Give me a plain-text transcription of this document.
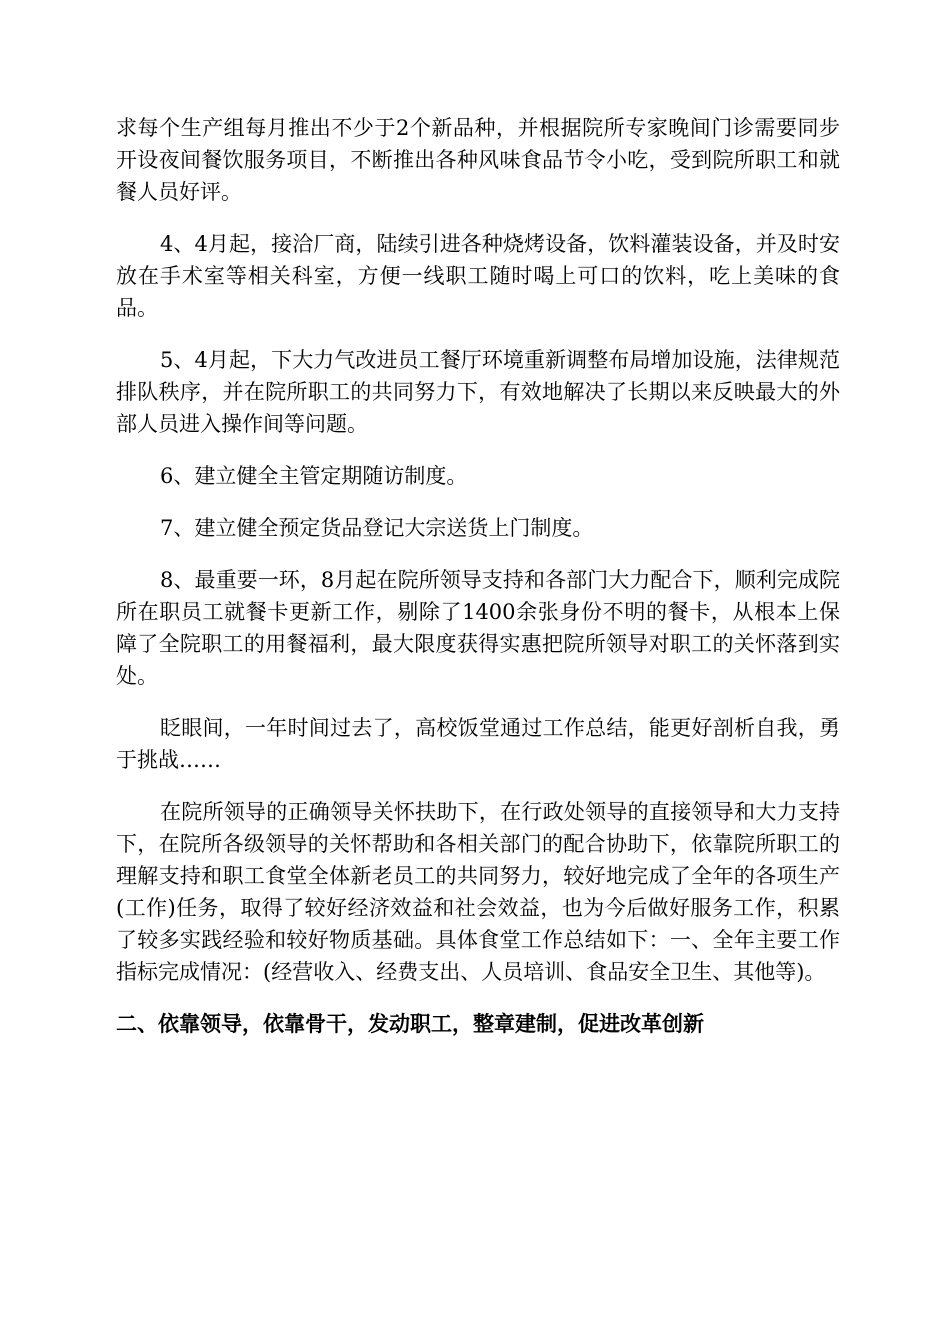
求每个生产组每月推出不少于2个新品种，并根据院所专家晚间门诊需要同步开设夜间餐饮服务项目，不断推出各种风味食品节令小吃，受到院所职工和就餐人员好评。

4、4月起，接洽厂商，陆续引进各种烧烤设备，饮料灌装设备，并及时安放在手术室等相关科室，方便一线职工随时喝上可口的饮料，吃上美味的食品。

5、4月起，下大力气改进员工餐厅环境重新调整布局增加设施，法律规范排队秩序，并在院所职工的共同努力下，有效地解决了长期以来反映最大的外部人员进入操作间等问题。

6、建立健全主管定期随访制度。

7、建立健全预定货品登记大宗送货上门制度。

8、最重要一环，8月起在院所领导支持和各部门大力配合下，顺利完成院所在职员工就餐卡更新工作，剔除了1400余张身份不明的餐卡，从根本上保障了全院职工的用餐福利，最大限度获得实惠把院所领导对职工的关怀落到实处。

眨眼间，一年时间过去了，高校饭堂通过工作总结，能更好剖析自我，勇于挑战……

在院所领导的正确领导关怀扶助下，在行政处领导的直接领导和大力支持下，在院所各级领导的关怀帮助和各相关部门的配合协助下，依靠院所职工的理解支持和职工食堂全体新老员工的共同努力，较好地完成了全年的各项生产(工作)任务，取得了较好经济效益和社会效益，也为今后做好服务工作，积累了较多实践经验和较好物质基础。具体食堂工作总结如下：一、全年主要工作指标完成情况：(经营收入、经费支出、人员培训、食品安全卫生、其他等)。

二、依靠领导，依靠骨干，发动职工，整章建制，促进改革创新
